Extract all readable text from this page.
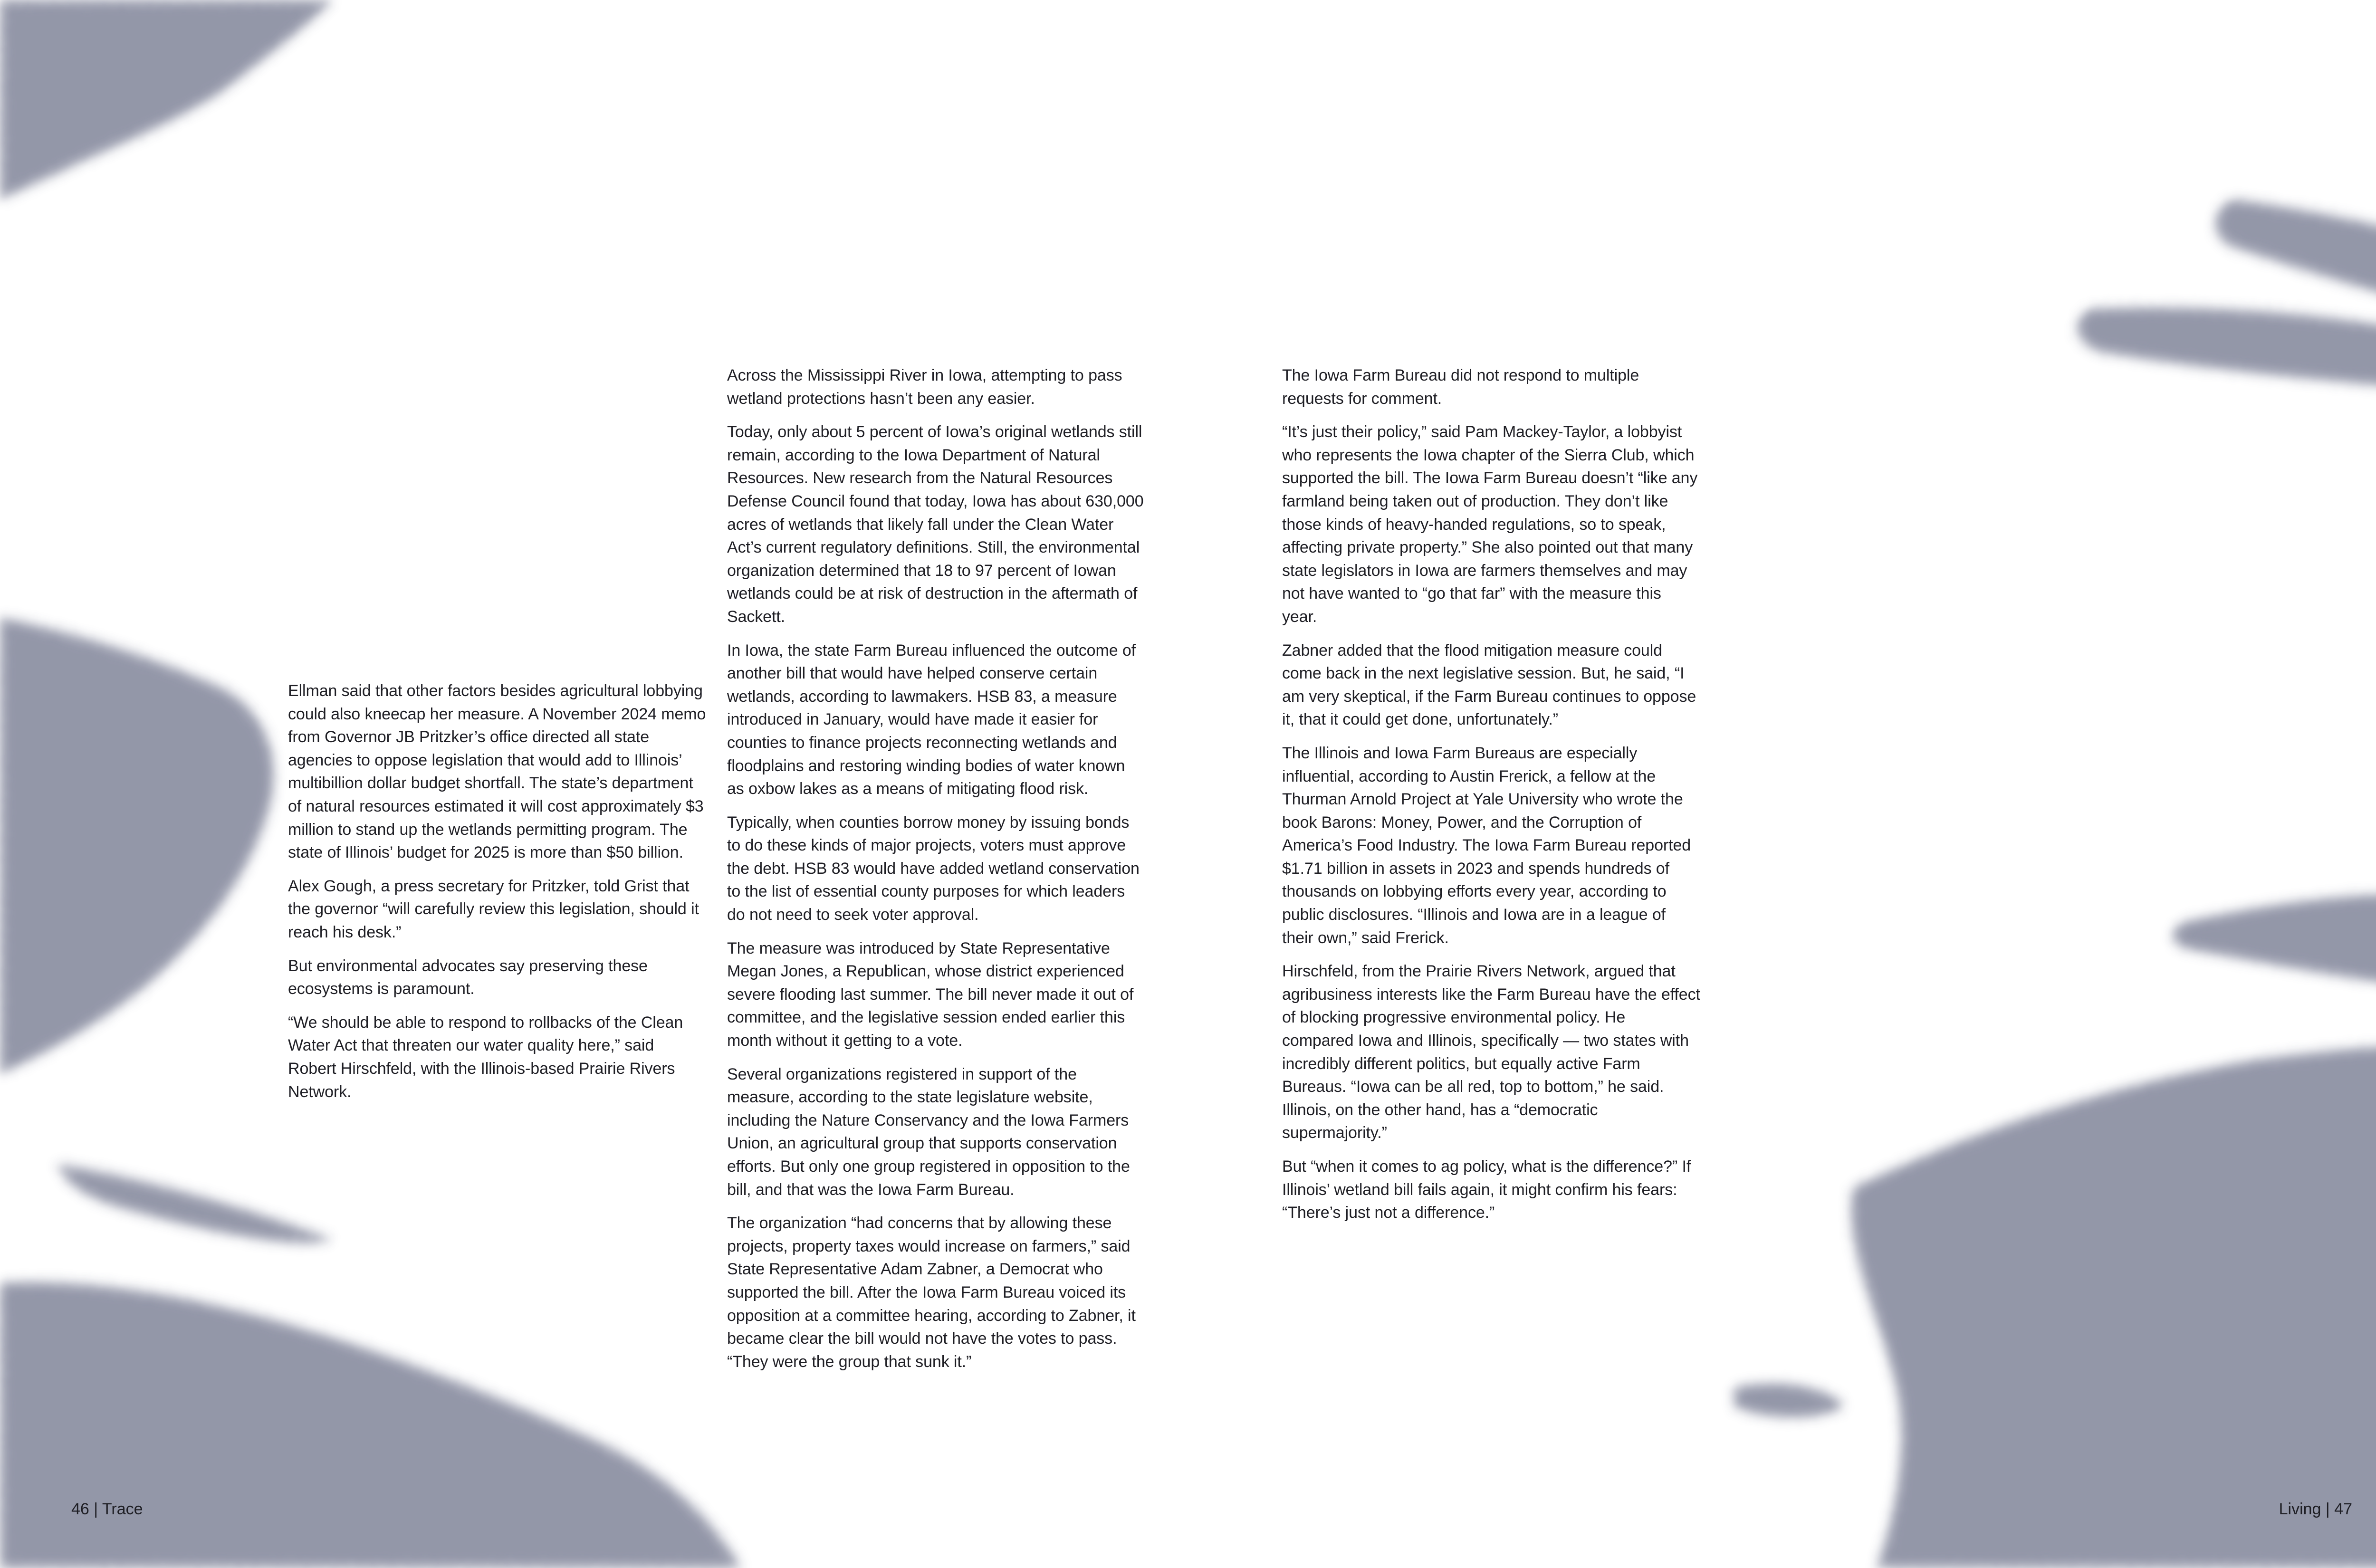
Ellman said that other factors besides agricultural lobbying could also kneecap her measure. A November 2024 memo from Governor JB Pritzker’s office directed all state agencies to oppose legislation that would add to Illinois’ multibillion dollar budget shortfall. The state’s department of natural resources estimated it will cost approximately $3 million to stand up the wetlands permitting program. The state of Illinois’ budget for 2025 is more than $50 billion.

Alex Gough, a press secretary for Pritzker, told Grist that the governor “will carefully review this legislation, should it reach his desk.”

But environmental advocates say preserving these ecosystems is paramount.

“We should be able to respond to rollbacks of the Clean Water Act that threaten our water quality here,” said Robert Hirschfeld, with the Illinois-based Prairie Rivers Network.

Across the Mississippi River in Iowa, attempting to pass wetland protections hasn’t been any easier.

Today, only about 5 percent of Iowa’s original wetlands still remain, according to the Iowa Department of Natural Resources. New research from the Natural Resources Defense Council found that today, Iowa has about 630,000 acres of wetlands that likely fall under the Clean Water Act’s current regulatory definitions. Still, the environmental organization determined that 18 to 97 percent of Iowan wetlands could be at risk of destruction in the aftermath of Sackett.

In Iowa, the state Farm Bureau influenced the outcome of another bill that would have helped conserve certain wetlands, according to lawmakers. HSB 83, a measure introduced in January, would have made it easier for counties to finance projects reconnecting wetlands and floodplains and restoring winding bodies of water known as oxbow lakes as a means of mitigating flood risk.

Typically, when counties borrow money by issuing bonds to do these kinds of major projects, voters must approve the debt. HSB 83 would have added wetland conservation to the list of essential county purposes for which leaders do not need to seek voter approval.

The measure was introduced by State Representative Megan Jones, a Republican, whose district experienced severe flooding last summer. The bill never made it out of committee, and the legislative session ended earlier this month without it getting to a vote.

Several organizations registered in support of the measure, according to the state legislature website, including the Nature Conservancy and the Iowa Farmers Union, an agricultural group that supports conservation efforts. But only one group registered in opposition to the bill, and that was the Iowa Farm Bureau.

The organization “had concerns that by allowing these projects, property taxes would increase on farmers,” said State Representative Adam Zabner, a Democrat who supported the bill. After the Iowa Farm Bureau voiced its opposition at a committee hearing, according to Zabner, it became clear the bill would not have the votes to pass. “They were the group that sunk it.”

The Iowa Farm Bureau did not respond to multiple requests for comment.

“It’s just their policy,” said Pam Mackey-Taylor, a lobbyist who represents the Iowa chapter of the Sierra Club, which supported the bill. The Iowa Farm Bureau doesn’t “like any farmland being taken out of production. They don’t like those kinds of heavy-handed regulations, so to speak, affecting private property.” She also pointed out that many state legislators in Iowa are farmers themselves and may not have wanted to “go that far” with the measure this year.

Zabner added that the flood mitigation measure could come back in the next legislative session. But, he said, “I am very skeptical, if the Farm Bureau continues to oppose it, that it could get done, unfortunately.”

The Illinois and Iowa Farm Bureaus are especially influential, according to Austin Frerick, a fellow at the Thurman Arnold Project at Yale University who wrote the book Barons: Money, Power, and the Corruption of America’s Food Industry. The Iowa Farm Bureau reported $1.71 billion in assets in 2023 and spends hundreds of thousands on lobbying efforts every year, according to public disclosures. “Illinois and Iowa are in a league of their own,” said Frerick.

Hirschfeld, from the Prairie Rivers Network, argued that agribusiness interests like the Farm Bureau have the effect of blocking progressive environmental policy. He compared Iowa and Illinois, specifically — two states with incredibly different politics, but equally active Farm Bureaus. “Iowa can be all red, top to bottom,” he said. Illinois, on the other hand, has a “democratic supermajority.”

But “when it comes to ag policy, what is the difference?” If Illinois’ wetland bill fails again, it might confirm his fears: “There’s just not a difference.”

46 | Trace	Living | 47
